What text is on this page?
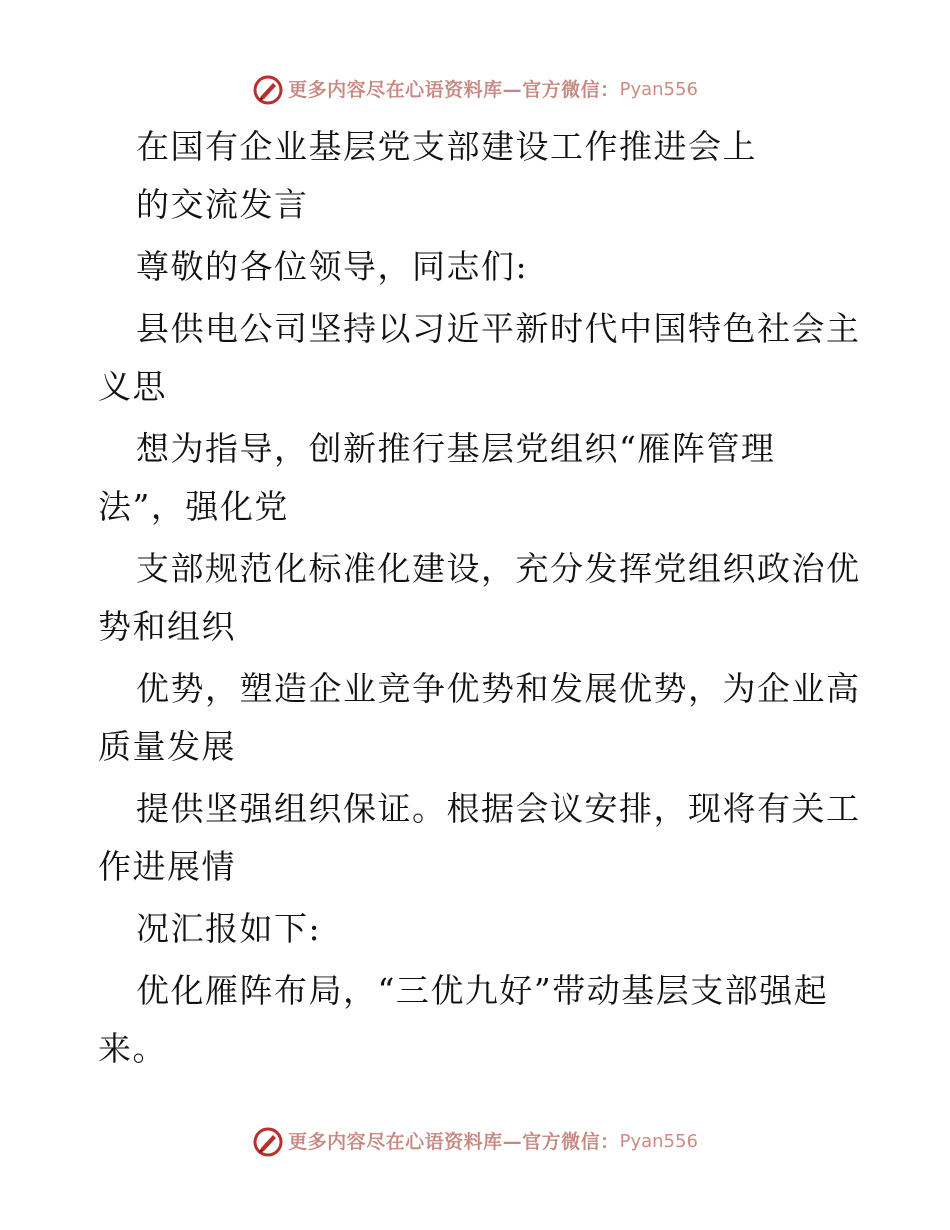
更多内容尽在心语资料库—官方微信：Pyan556
在国有企业基层党支部建设工作推进会上
的交流发言
尊敬的各位领导，同志们:
县供电公司坚持以习近平新时代中国特色社会主
义思
想为指导，创新推行基层党组织“雁阵管理
法”，强化党
支部规范化标准化建设，充分发挥党组织政治优
势和组织
优势，塑造企业竞争优势和发展优势，为企业高
质量发展
提供坚强组织保证。根据会议安排，现将有关工
作进展情
况汇报如下:
优化雁阵布局，“三优九好”带动基层支部强起
来。
更多内容尽在心语资料库—官方微信：Pyan556
